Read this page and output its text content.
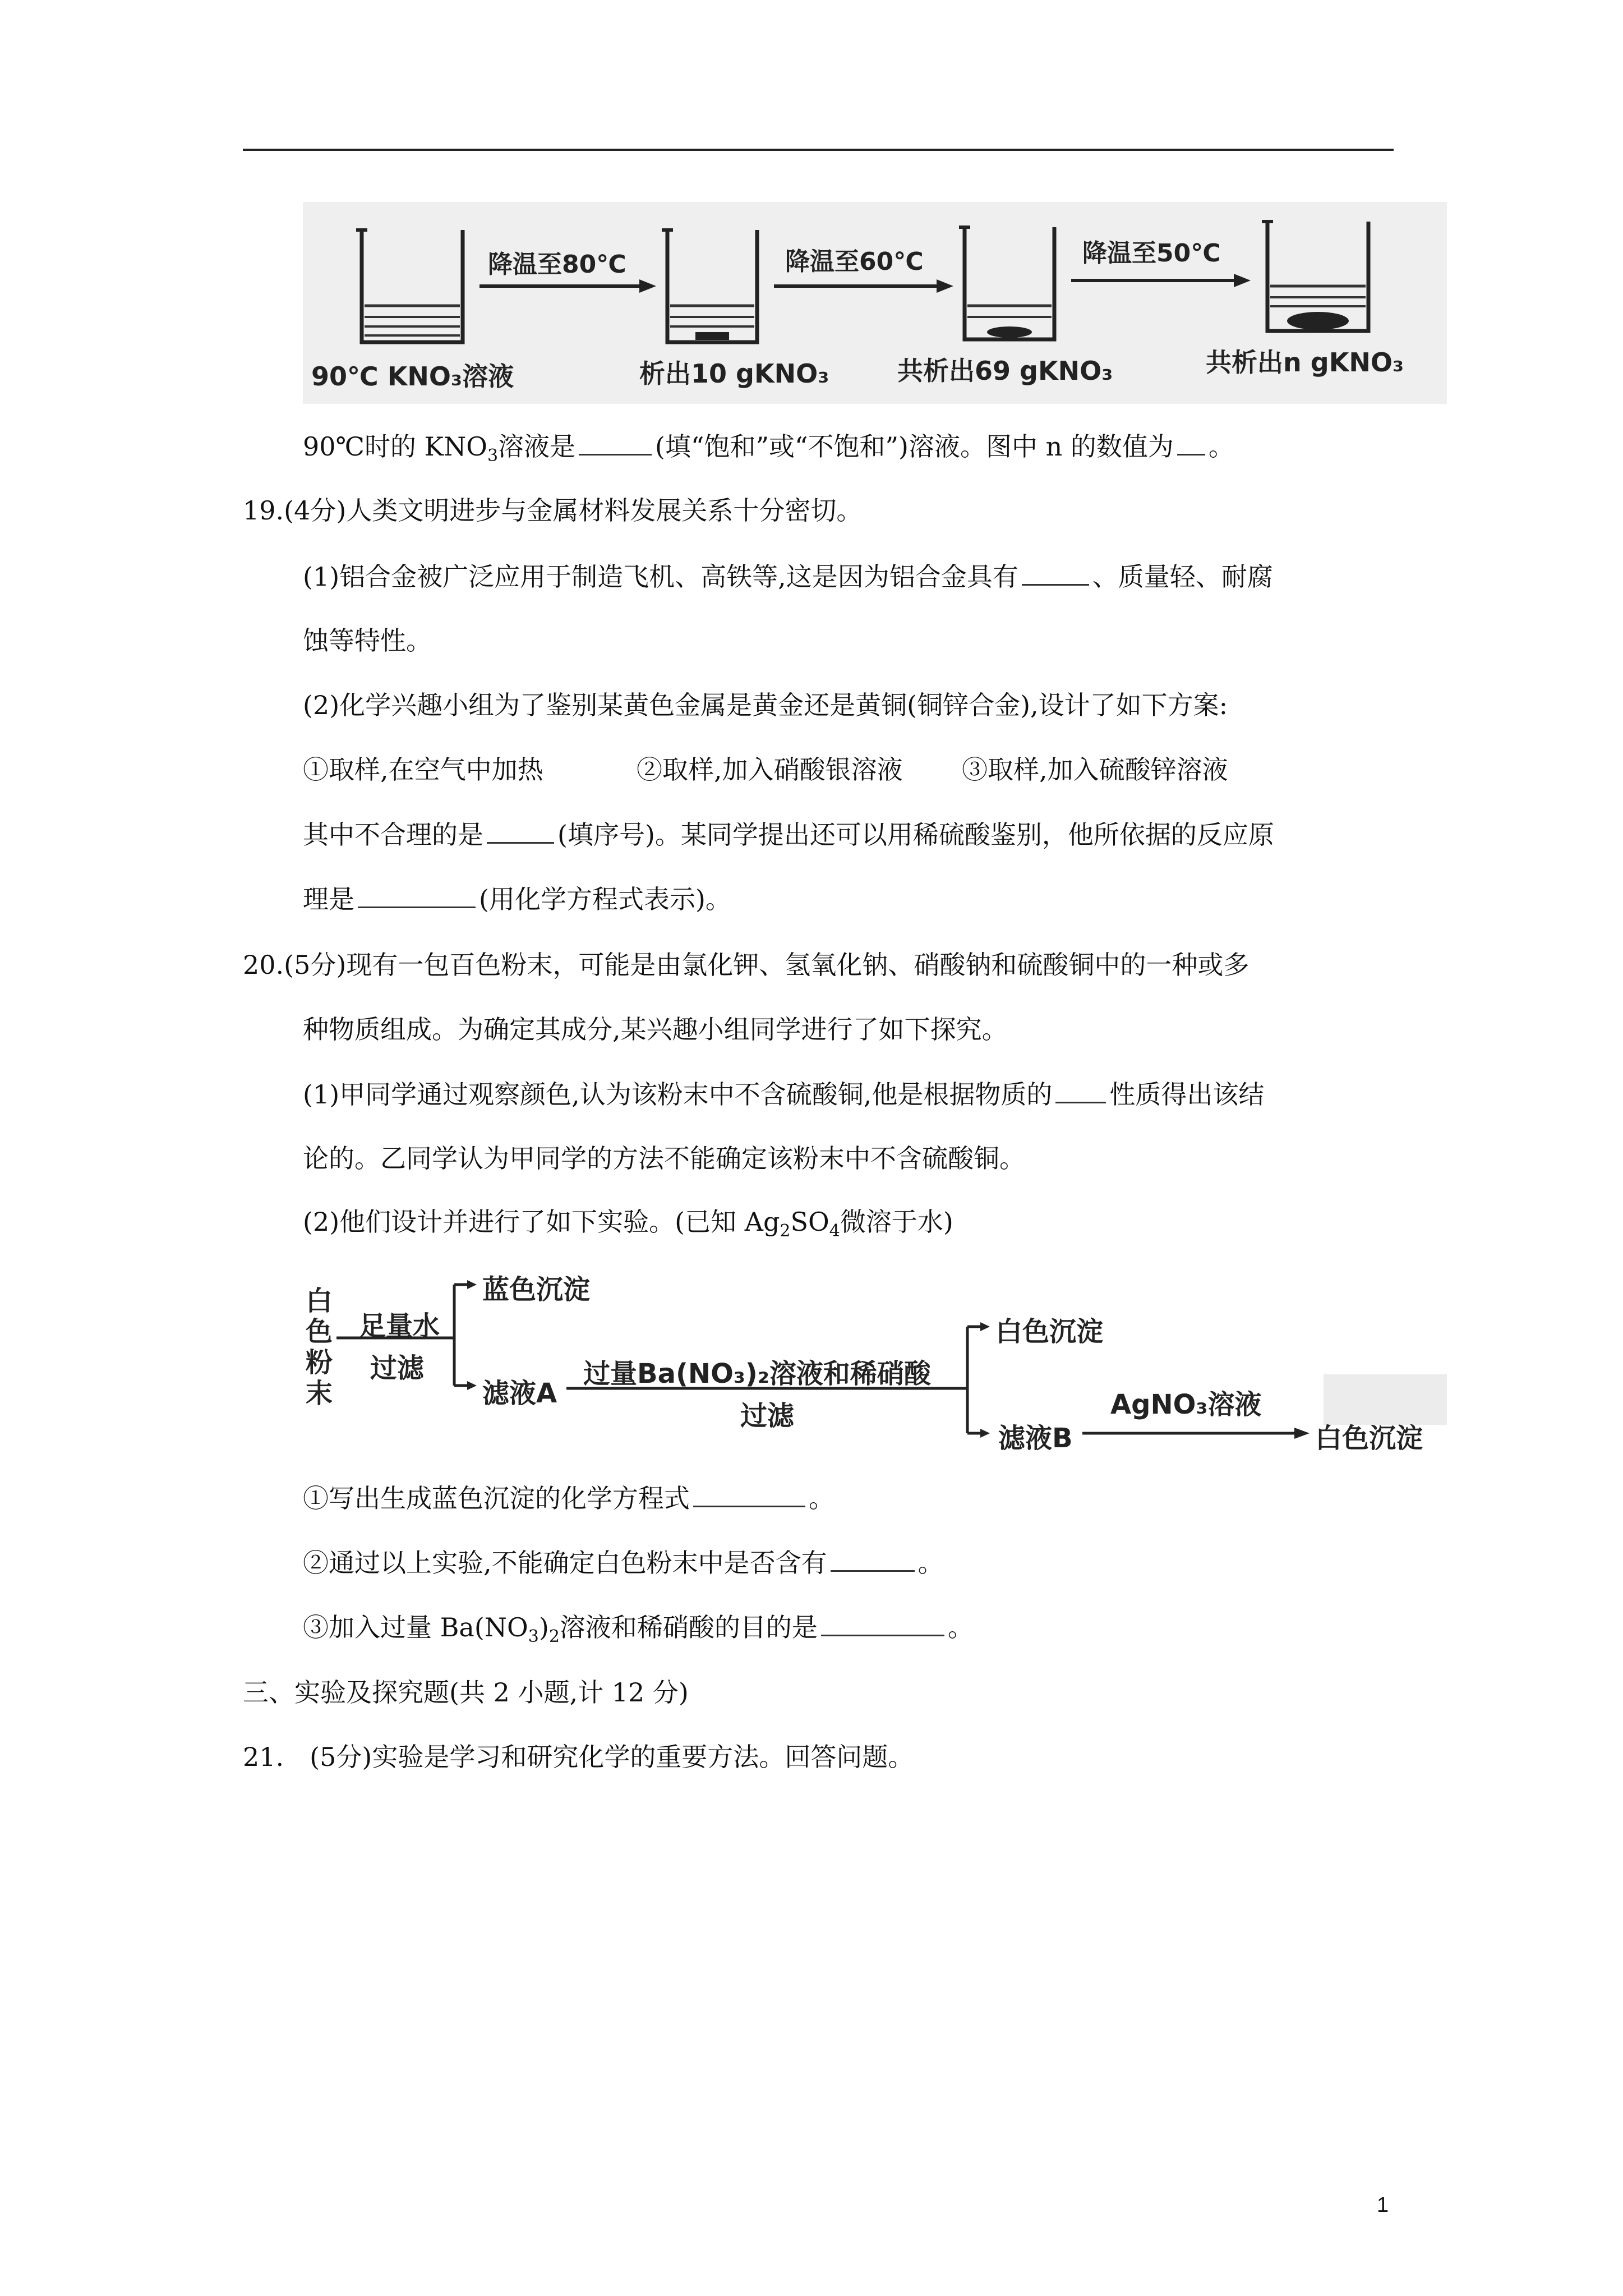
降温至80℃	降温至60℃	降温至50℃
90℃ KNO₃溶液	析出10 gKNO₃	共析出69 gKNO₃	共析出n gKNO₃
90℃时的 $KNO_3$溶液是	(填“饱和”或“不饱和”)溶液。图中 n 的数值为 。
19.(4分)人类文明进步与金属材料发展关系十分密切。
(1)铝合金被广泛应用于制造飞机、高铁等,这是因为铝合金具有	、质量轻、耐腐
蚀等特性。
(2)化学兴趣小组为了鉴别某黄色金属是黄金还是黄铜(铜锌合金),设计了如下方案:
①取样,在空气中加热	②取样,加入硝酸银溶液 ③取样,加入硫酸锌溶液
其中不合理的是	(填序号)。某同学提出还可以用稀硫酸鉴别，他所依据的反应原
理是	(用化学方程式表示)。
20.(5分)现有一包百色粉末，可能是由氯化钾、氢氧化钠、硝酸钠和硫酸铜中的一种或多
种物质组成。为确定其成分,某兴趣小组同学进行了如下探究。
(1)甲同学通过观察颜色,认为该粉末中不含硫酸铜,他是根据物质的 性质得出该结
论的。乙同学认为甲同学的方法不能确定该粉末中不含硫酸铜。
(2)他们设计并进行了如下实验。(已知 $Ag_2SO_4$微溶于水)
白
色
粉
末
足量水
过滤
蓝色沉淀
滤液A
过量Ba(NO₃)₂溶液和稀硝酸
过滤
白色沉淀
滤液B
AgNO₃溶液
白色沉淀
①写出生成蓝色沉淀的化学方程式	。
②通过以上实验,不能确定白色粉末中是否含有	。
③加入过量 $Ba(NO_3)_2$溶液和稀硝酸的目的是	。
三、实验及探究题(共 2 小题,计 12 分)
21.　(5分)实验是学习和研究化学的重要方法。回答问题。
1
